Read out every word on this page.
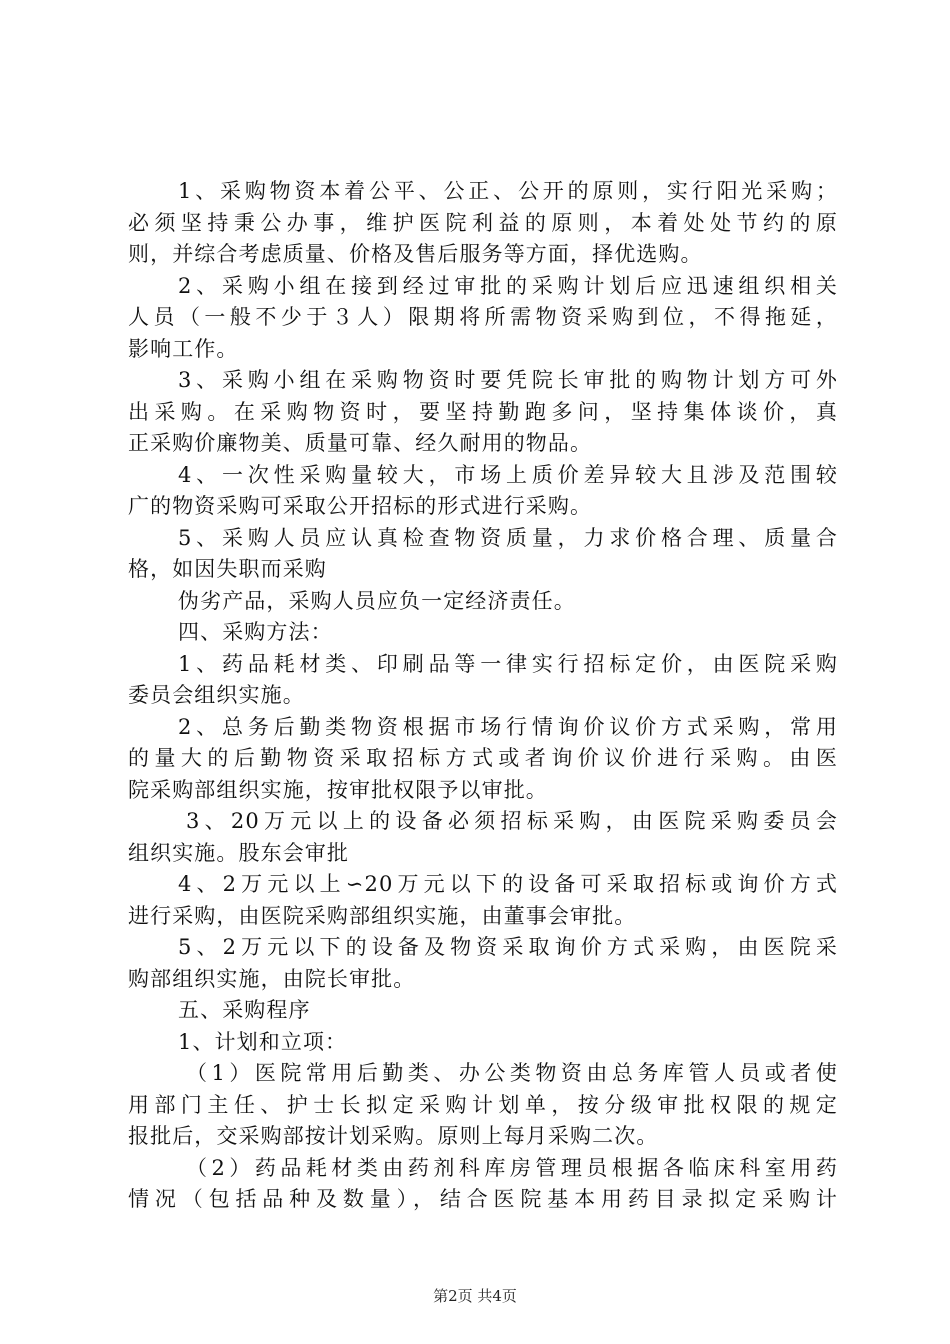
1、采购物资本着公平、公正、公开的原则，实行阳光采购；
必须坚持秉公办事，维护医院利益的原则，本着处处节约的原
则，并综合考虑质量、价格及售后服务等方面，择优选购。
2、采购小组在接到经过审批的采购计划后应迅速组织相关
人员（一般不少于３人）限期将所需物资采购到位，不得拖延，
影响工作。
3、采购小组在采购物资时要凭院长审批的购物计划方可外
出采购。在采购物资时，要坚持勤跑多问，坚持集体谈价，真
正采购价廉物美、质量可靠、经久耐用的物品。
4、一次性采购量较大，市场上质价差异较大且涉及范围较
广的物资采购可采取公开招标的形式进行采购。
5、采购人员应认真检查物资质量，力求价格合理、质量合
格，如因失职而采购
伪劣产品，采购人员应负一定经济责任。
四、采购方法：
1、药品耗材类、印刷品等一律实行招标定价，由医院采购
委员会组织实施。
2、总务后勤类物资根据市场行情询价议价方式采购，常用
的量大的后勤物资采取招标方式或者询价议价进行采购。由医
院采购部组织实施，按审批权限予以审批。
3、20万元以上的设备必须招标采购，由医院采购委员会
组织实施。股东会审批
4、2万元以上∽20万元以下的设备可采取招标或询价方式
进行采购，由医院采购部组织实施，由董事会审批。
5、2万元以下的设备及物资采取询价方式采购，由医院采
购部组织实施，由院长审批。
五、采购程序
1、计划和立项：
（1）医院常用后勤类、办公类物资由总务库管人员或者使
用部门主任、护士长拟定采购计划单，按分级审批权限的规定
报批后，交采购部按计划采购。原则上每月采购二次。
（2）药品耗材类由药剂科库房管理员根据各临床科室用药
情况（包括品种及数量），结合医院基本用药目录拟定采购计
第2页 共4页
